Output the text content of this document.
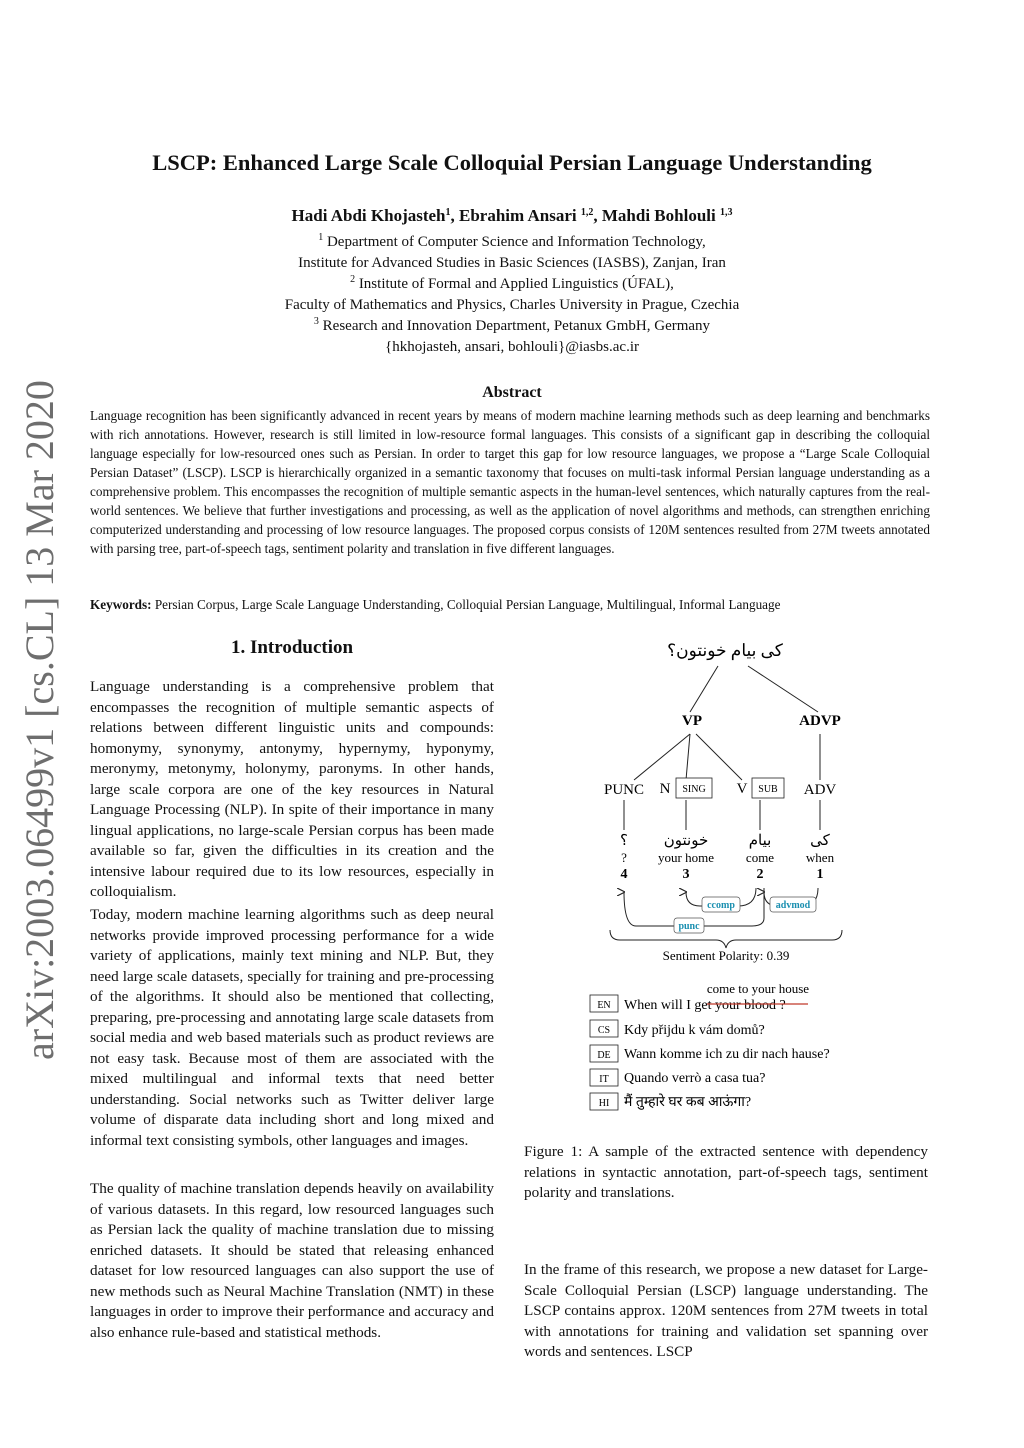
arXiv:2003.06499v1 [cs.CL] 13 Mar 2020
LSCP: Enhanced Large Scale Colloquial Persian Language Understanding
Hadi Abdi Khojasteh$^1$, Ebrahim Ansari $^{1,2}$, Mahdi Bohlouli $^{1,3}$
$^1$ Department of Computer Science and Information Technology,
Institute for Advanced Studies in Basic Sciences (IASBS), Zanjan, Iran
$^2$ Institute of Formal and Applied Linguistics (ÚFAL),
Faculty of Mathematics and Physics, Charles University in Prague, Czechia
$^3$ Research and Innovation Department, Petanux GmbH, Germany
{hkhojasteh, ansari, bohlouli}@iasbs.ac.ir
Abstract
Language recognition has been significantly advanced in recent years by means of modern machine learning methods such as deep learning and benchmarks with rich annotations. However, research is still limited in low-resource formal languages. This consists of a significant gap in describing the colloquial language especially for low-resourced ones such as Persian. In order to target this gap for low resource languages, we propose a “Large Scale Colloquial Persian Dataset” (LSCP). LSCP is hierarchically organized in a semantic taxonomy that focuses on multi-task informal Persian language understanding as a comprehensive problem. This encompasses the recognition of multiple semantic aspects in the human-level sentences, which naturally captures from the real-world sentences. We believe that further investigations and processing, as well as the application of novel algorithms and methods, can strengthen enriching computerized understanding and processing of low resource languages. The proposed corpus consists of 120M sentences resulted from 27M tweets annotated with parsing tree, part-of-speech tags, sentiment polarity and translation in five different languages.
Keywords: Persian Corpus, Large Scale Language Understanding, Colloquial Persian Language, Multilingual, Informal Language
1. Introduction
Language understanding is a comprehensive problem that encompasses the recognition of multiple semantic aspects of relations between different linguistic units and compounds: homonymy, synonymy, antonymy, hypernymy, hyponymy, meronymy, metonymy, holonymy, paronyms. In other hands, large scale corpora are one of the key resources in Natural Language Processing (NLP). In spite of their importance in many lingual applications, no large-scale Persian corpus has been made available so far, given the difficulties in its creation and the intensive labour required due to its low resources, especially in colloquialism.
Today, modern machine learning algorithms such as deep neural networks provide improved processing performance for a wide variety of applications, mainly text mining and NLP. But, they need large scale datasets, specially for training and pre-processing of the algorithms. It should also be mentioned that collecting, preparing, pre-processing and annotating large scale datasets from social media and web based materials such as product reviews are not easy task. Because most of them are associated with the mixed multilingual and informal texts that need better understanding. Social networks such as Twitter deliver large volume of disparate data including short and long mixed and informal text consisting symbols, other languages and images.
The quality of machine translation depends heavily on availability of various datasets. In this regard, low resourced languages such as Persian lack the quality of machine translation due to missing enriched datasets. It should be stated that releasing enhanced dataset for low resourced languages can also support the use of new methods such as Neural Machine Translation (NMT) in these languages in order to improve their performance and accuracy and also enhance rule-based and statistical methods.
کی بیام خونتون؟
VP	ADVP
PUNC N SING V SUB ADV
؟ خونتون	بیام	کی
? your home come when
4	3	2	1
ccomp	advmod
punc
Sentiment Polarity: 0.39
come to your house
EN When will I get your blood ?
CS Kdy přijdu k vám domů?
DE Wann komme ich zu dir nach hause?
IT Quando verrò a casa tua?
HI मैं तुम्हारे घर कब आऊंगा?
Figure 1: A sample of the extracted sentence with dependency relations in syntactic annotation, part-of-speech tags, sentiment polarity and translations.
In the frame of this research, we propose a new dataset for Large-Scale Colloquial Persian (LSCP) language understanding. The LSCP contains approx. 120M sentences from 27M tweets in total with annotations for training and validation set spanning over words and sentences. LSCP
